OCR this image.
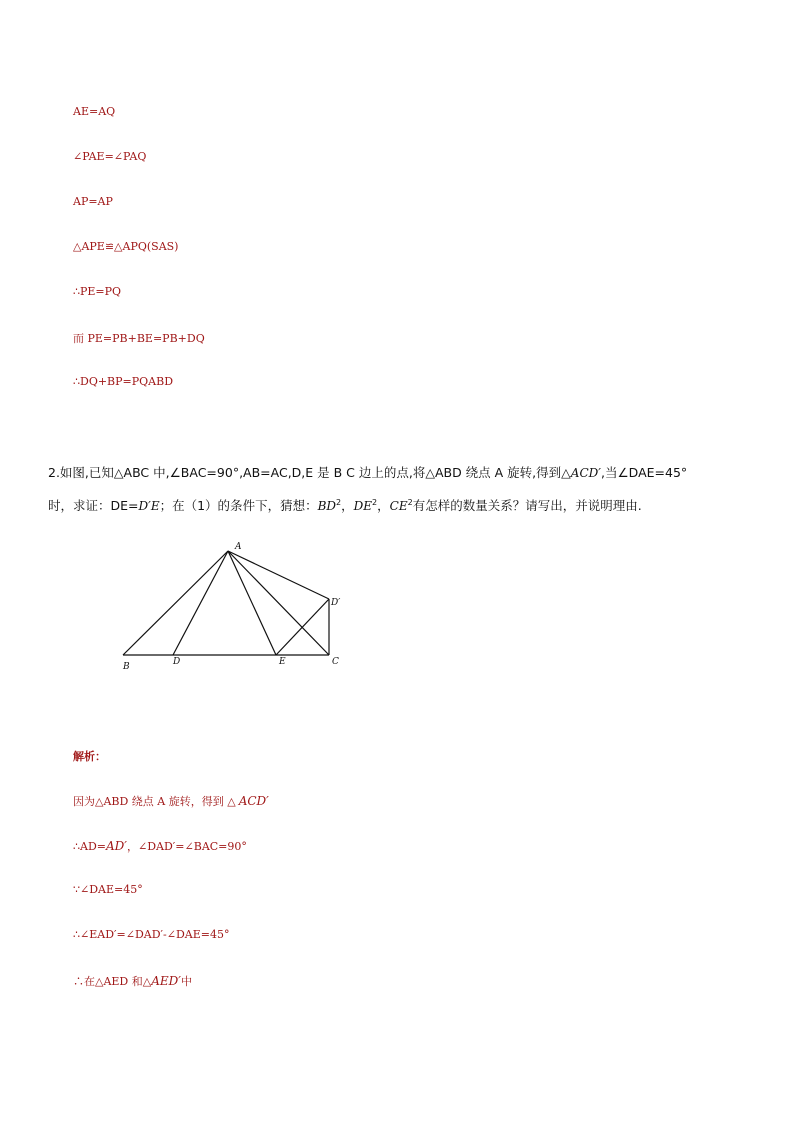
AE=AQ
∠PAE=∠PAQ
AP=AP
△APE≌△APQ(SAS)
∴PE=PQ
而 PE=PB+BE=PB+DQ
∴DQ+BP=PQABD
2.如图,已知△ABC 中,∠BAC=90°,AB=AC,D,E 是 B C 边上的点,将△ABD 绕点 A 旋转,得到△ACD′,当∠DAE=45°
时，求证：DE=D′E；在（1）的条件下，猜想：$BD^2$，$DE^2$，$CE^2$有怎样的数量关系？请写出，并说明理由.
A
B	D	E	C
D′
解析：
因为△ABD 绕点 A 旋转，得到 △ ACD′
∴AD=AD′，∠DAD′=∠BAC=90°
∵∠DAE=45°
∴∠EAD′=∠DAD′-∠DAE=45°
∴在△AED 和△AED′中
